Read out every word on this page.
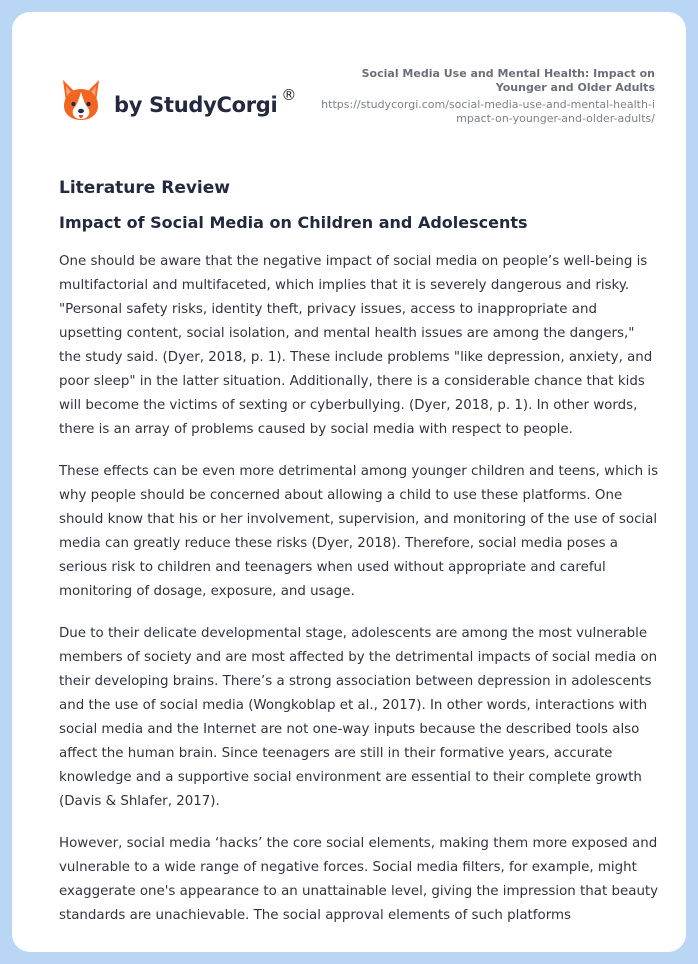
by StudyCorgi ®
Social Media Use and Mental Health: Impact on Younger and Older Adults
https://studycorgi.com/social-media-use-and-mental-health-impact-on-younger-and-older-adults/
Literature Review
Impact of Social Media on Children and Adolescents

One should be aware that the negative impact of social media on people’s well-being is multifactorial and multifaceted, which implies that it is severely dangerous and risky. "Personal safety risks, identity theft, privacy issues, access to inappropriate and upsetting content, social isolation, and mental health issues are among the dangers," the study said. (Dyer, 2018, p. 1). These include problems "like depression, anxiety, and poor sleep" in the latter situation. Additionally, there is a considerable chance that kids will become the victims of sexting or cyberbullying. (Dyer, 2018, p. 1). In other words, there is an array of problems caused by social media with respect to people.

These effects can be even more detrimental among younger children and teens, which is why people should be concerned about allowing a child to use these platforms. One should know that his or her involvement, supervision, and monitoring of the use of social media can greatly reduce these risks (Dyer, 2018). Therefore, social media poses a serious risk to children and teenagers when used without appropriate and careful monitoring of dosage, exposure, and usage.

Due to their delicate developmental stage, adolescents are among the most vulnerable members of society and are most affected by the detrimental impacts of social media on their developing brains. There’s a strong association between depression in adolescents and the use of social media (Wongkoblap et al., 2017). In other words, interactions with social media and the Internet are not one-way inputs because the described tools also affect the human brain. Since teenagers are still in their formative years, accurate knowledge and a supportive social environment are essential to their complete growth (Davis & Shlafer, 2017).

However, social media ‘hacks’ the core social elements, making them more exposed and vulnerable to a wide range of negative forces. Social media filters, for example, might exaggerate one's appearance to an unattainable level, giving the impression that beauty standards are unachievable. The social approval elements of such platforms
